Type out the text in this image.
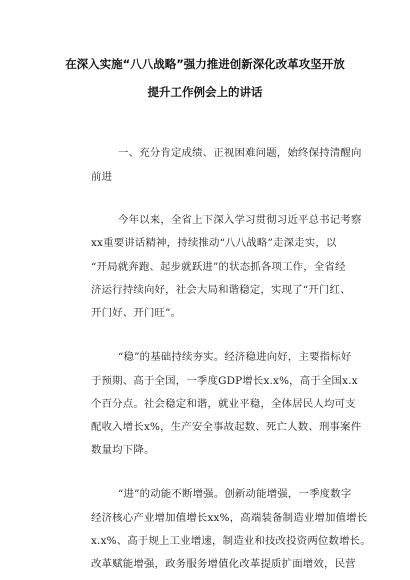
在深入实施“八八战略”强力推进创新深化改革攻坚开放
提升工作例会上的讲话
一、充分肯定成绩、正视困难问题，始终保持清醒向
前进
今年以来，全省上下深入学习贯彻习近平总书记考察
xx重要讲话精神，持续推动“八八战略”走深走实，以
“开局就奔跑、起步就跃进”的状态抓各项工作，全省经
济运行持续向好，社会大局和谐稳定，实现了“开门红、
开门好、开门旺”。
“稳”的基础持续夯实。经济稳进向好，主要指标好
于预期、高于全国，一季度GDP增长x.x%，高于全国x.x
个百分点。社会稳定和谐，就业平稳，全体居民人均可支
配收入增长x%，生产安全事故起数、死亡人数、刑事案件
数量均下降。
“进”的动能不断增强。创新动能增强，一季度数字
经济核心产业增加值增长xx%，高端装备制造业增加值增长
x.x%、高于规上工业增速，制造业和技改投资两位数增长。
改革赋能增强，政务服务增值化改革提质扩面增效，民营
